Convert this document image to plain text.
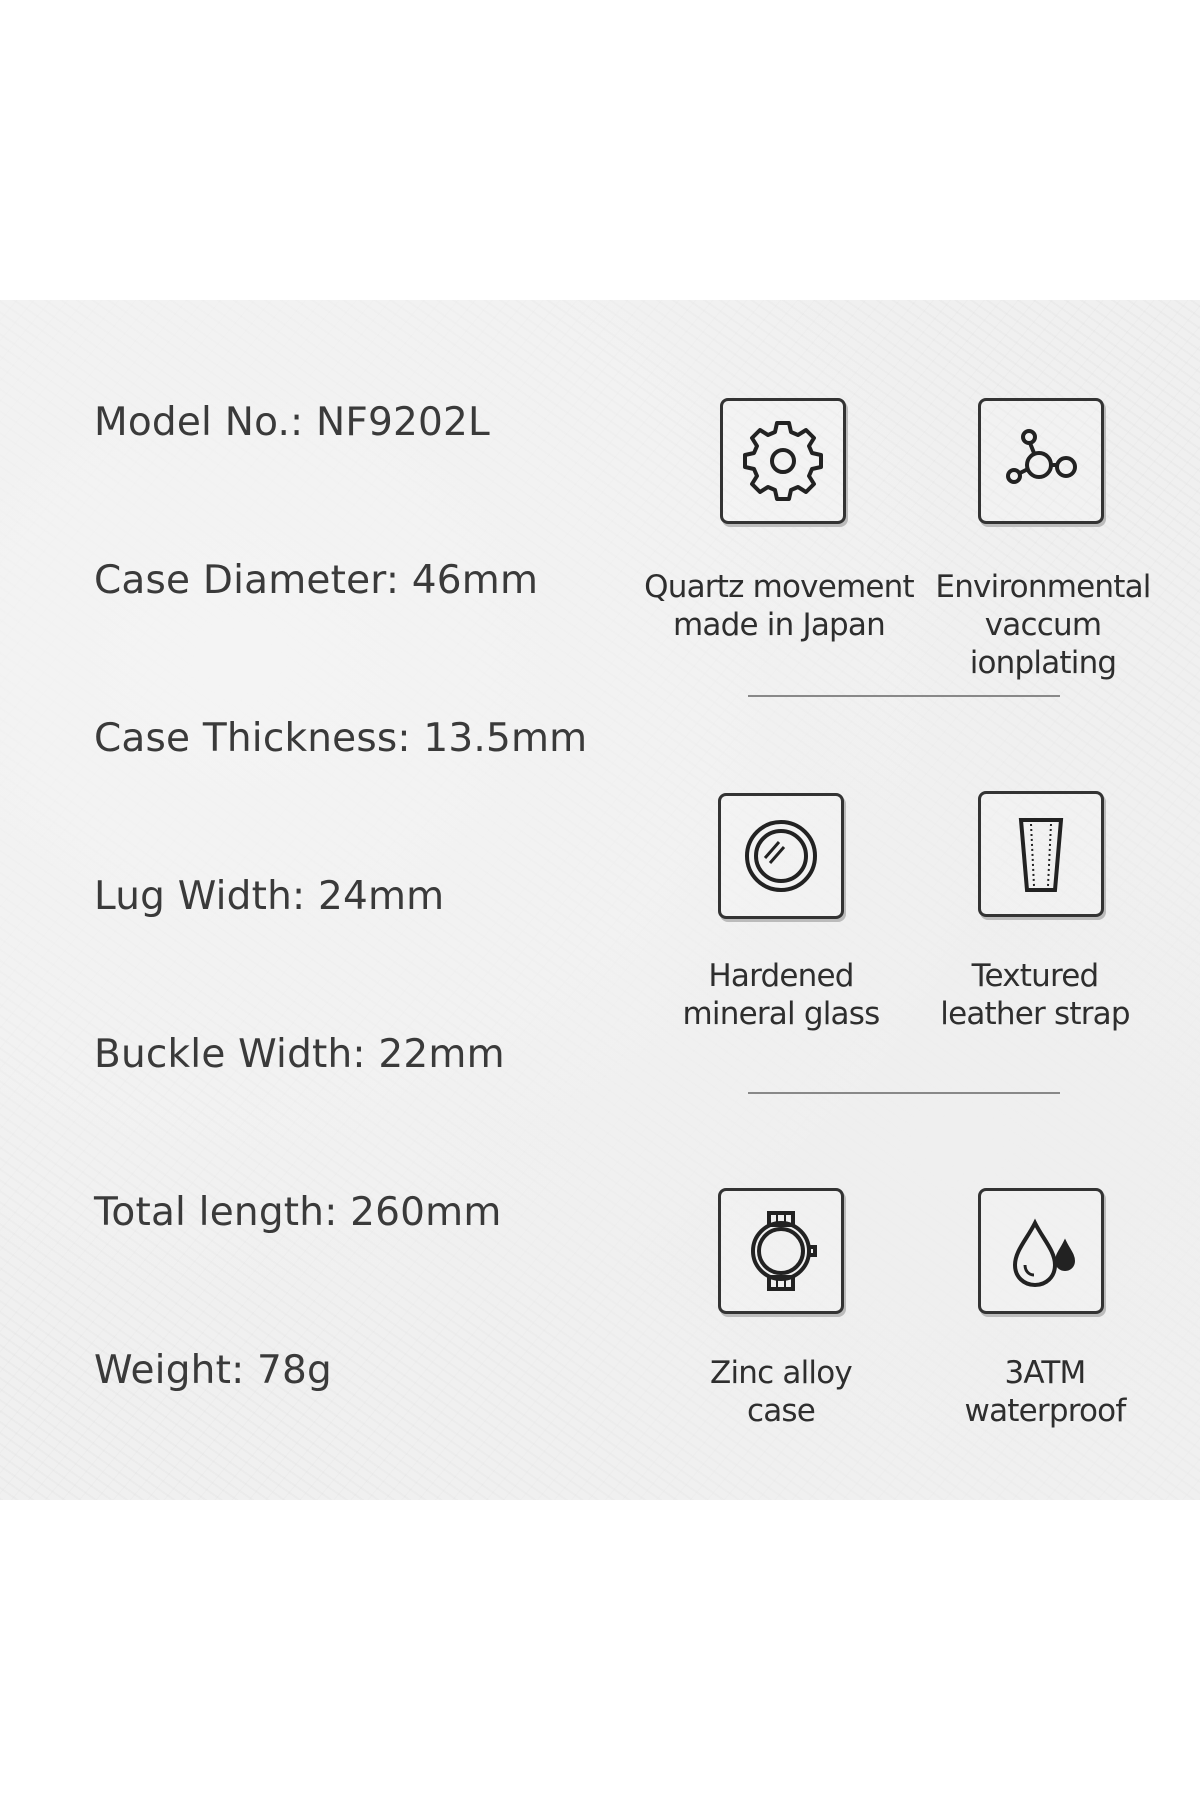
Model No.: NF9202L
Case Diameter: 46mm
Case Thickness: 13.5mm
Lug Width: 24mm
Buckle Width: 22mm
Total length: 260mm
Weight: 78g
Quartz movement
made in Japan
Environmental
vaccum ionplating
Hardened
mineral glass
Textured
leather strap
Zinc alloy
case
3ATM
waterproof
